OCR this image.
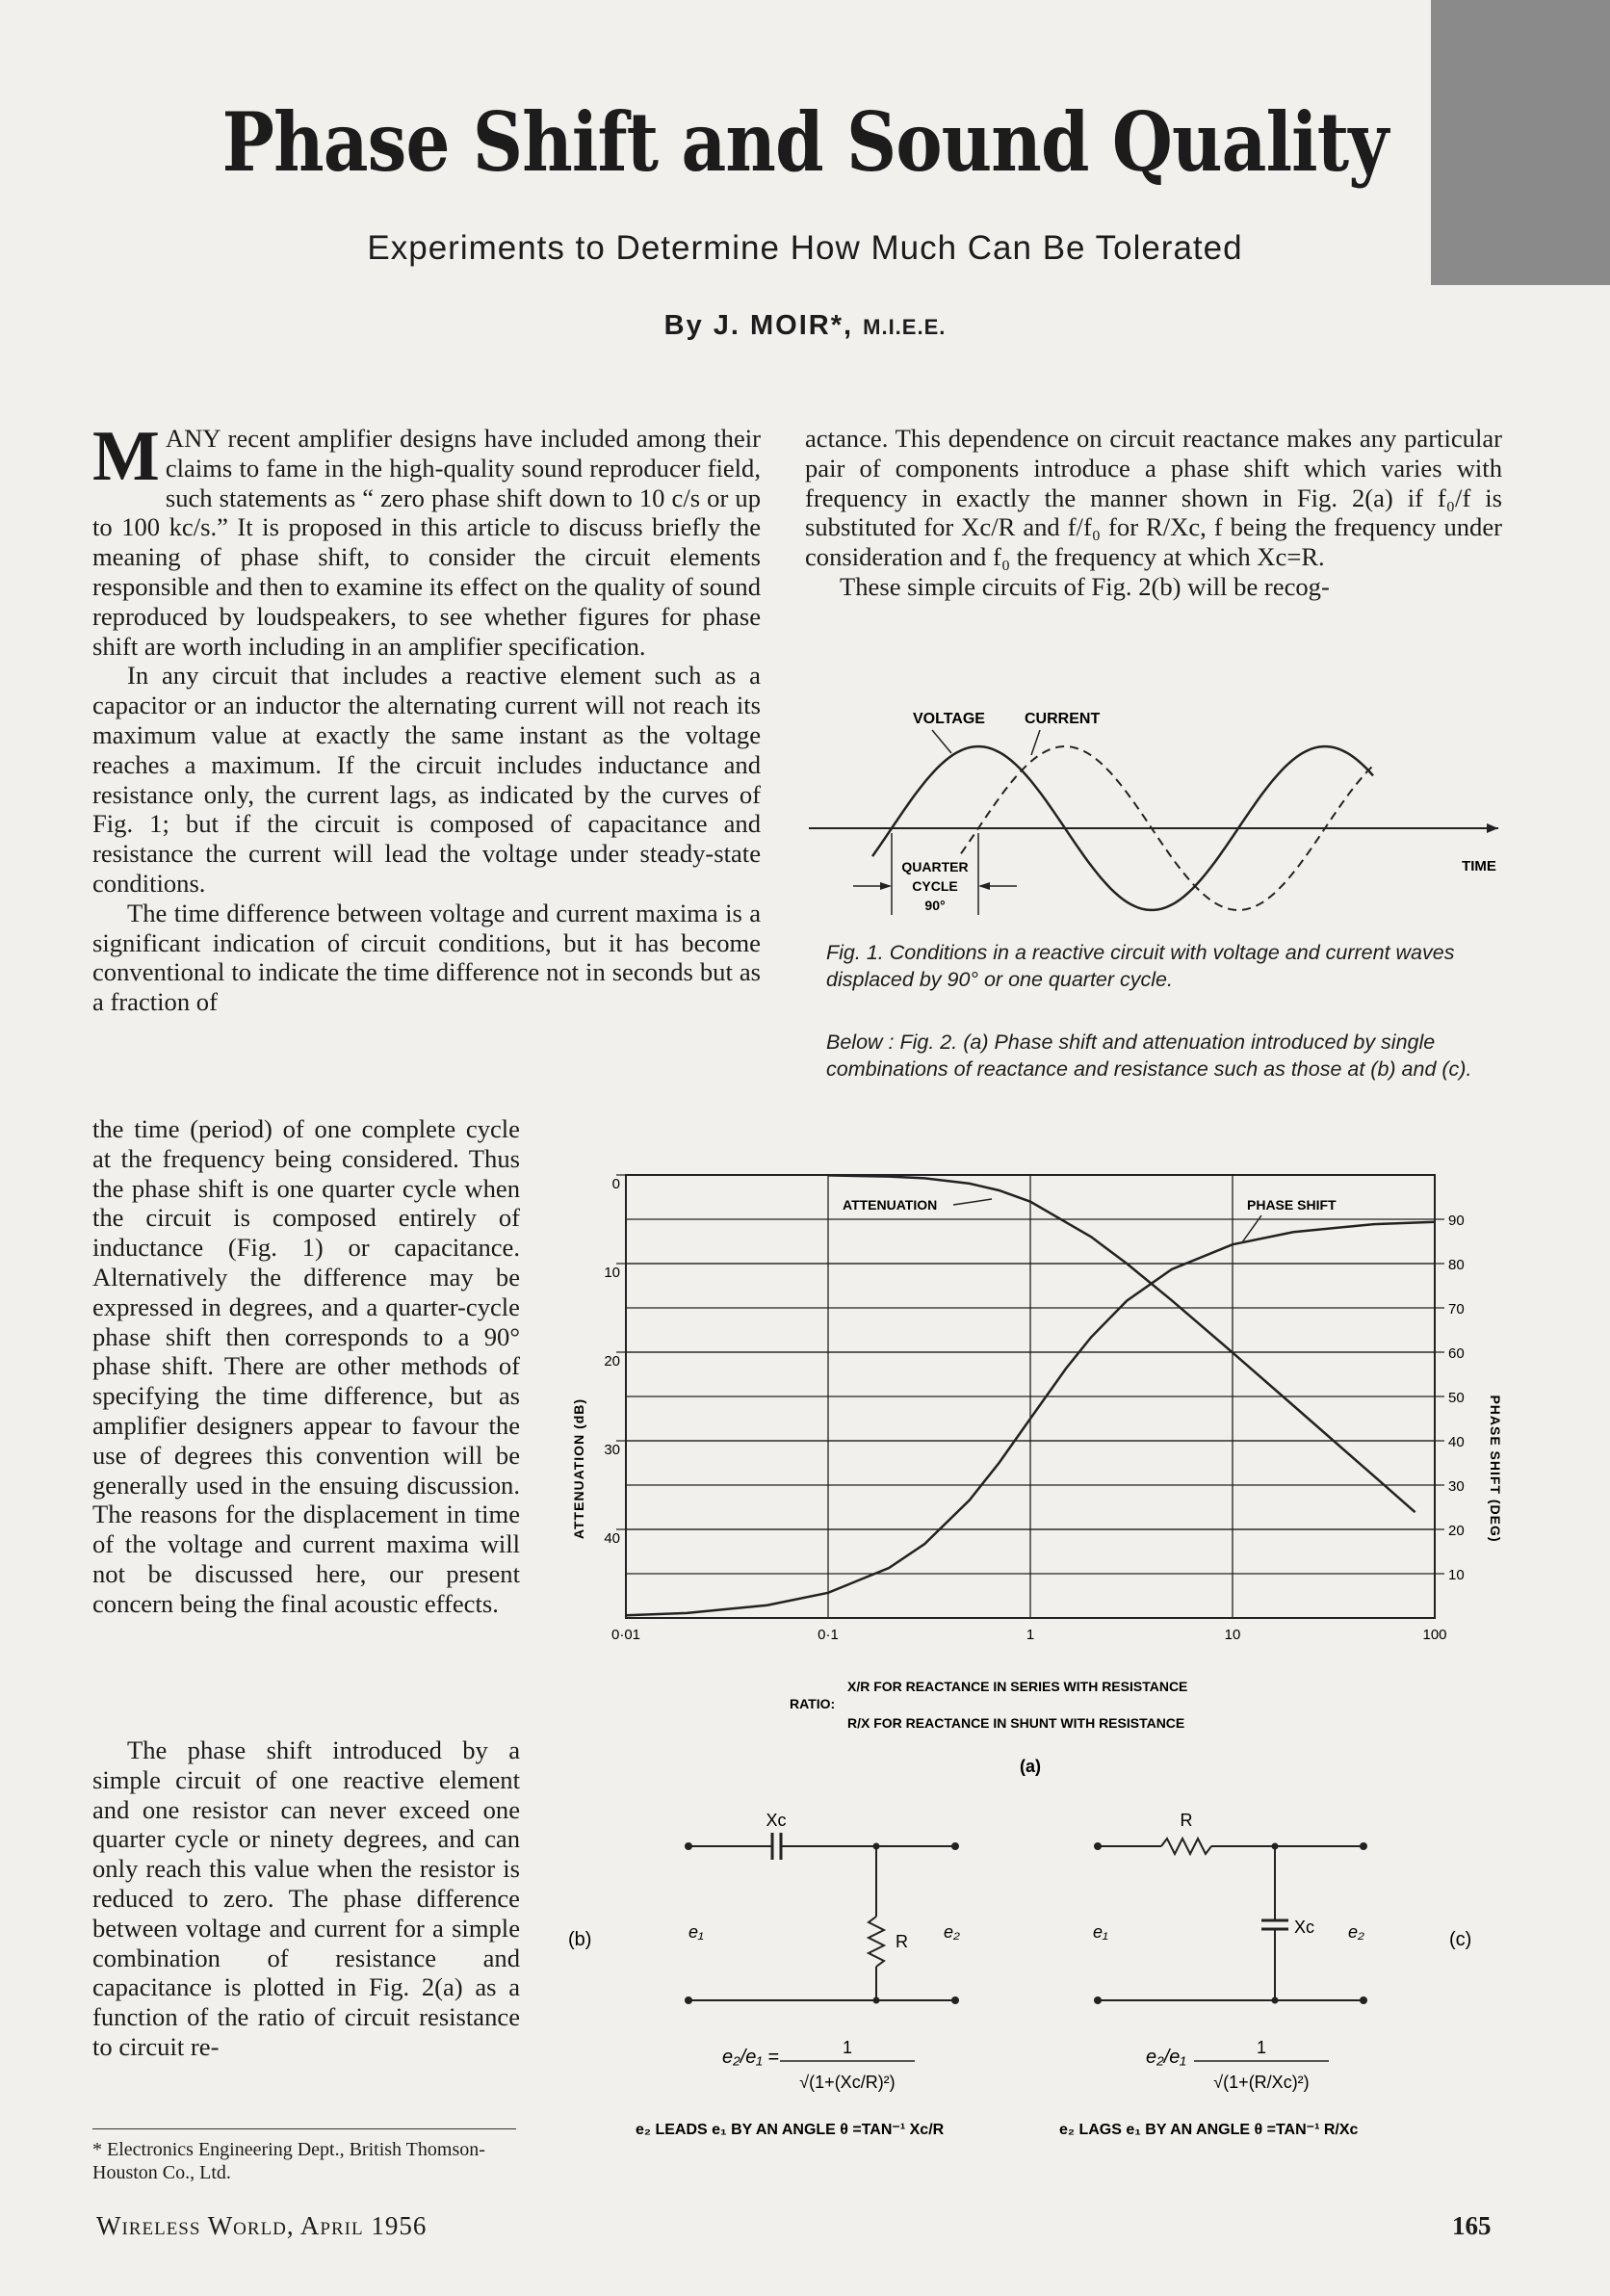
Phase Shift and Sound Quality
Experiments to Determine How Much Can Be Tolerated
By J. MOIR*, M.I.E.E.

MANY recent amplifier designs have included among their claims to fame in the high-quality sound reproducer field, such statements as “ zero phase shift down to 10 c/s or up to 100 kc/s.” It is proposed in this article to discuss briefly the meaning of phase shift, to consider the circuit elements responsible and then to examine its effect on the quality of sound reproduced by loudspeakers, to see whether figures for phase shift are worth including in an amplifier specification.

In any circuit that includes a reactive element such as a capacitor or an inductor the alternating current will not reach its maximum value at exactly the same instant as the voltage reaches a maximum. If the circuit includes inductance and resistance only, the current lags, as indicated by the curves of Fig. 1; but if the circuit is composed of capacitance and resistance the current will lead the voltage under steady-state conditions.

The time difference between voltage and current maxima is a significant indication of circuit conditions, but it has become conventional to indicate the time difference not in seconds but as a fraction of

the time (period) of one complete cycle at the frequency being considered. Thus the phase shift is one quarter cycle when the circuit is composed entirely of inductance (Fig. 1) or capacitance. Alternatively the difference may be expressed in degrees, and a quarter-cycle phase shift then corresponds to a 90° phase shift. There are other methods of specifying the time difference, but as amplifier designers appear to favour the use of degrees this convention will be generally used in the ensuing discussion. The reasons for the displacement in time of the voltage and current maxima will not be discussed here, our present concern being the final acoustic effects.

The phase shift introduced by a simple circuit of one reactive element and one resistor can never exceed one quarter cycle or ninety degrees, and can only reach this value when the resistor is reduced to zero. The phase difference between voltage and current for a simple combination of resistance and capacitance is plotted in Fig. 2(a) as a function of the ratio of circuit resistance to circuit re-

* Electronics Engineering Dept., British Thomson-Houston Co., Ltd.

actance. This dependence on circuit reactance makes any particular pair of components introduce a phase shift which varies with frequency in exactly the manner shown in Fig. 2(a) if f₀/f is substituted for Xc/R and f/f₀ for R/Xc, f being the frequency under consideration and f₀ the frequency at which Xc=R.

These simple circuits of Fig. 2(b) will be recog-

VOLTAGE	CURRENT
QUARTER
CYCLE
90°
TIME
Fig. 1. Conditions in a reactive circuit with voltage and current waves displaced by 90° or one quarter cycle.
Below : Fig. 2. (a) Phase shift and attenuation introduced by single combinations of reactance and resistance such as those at (b) and (c).
0·01	0·1	1	10	100
0
10
20
30
40
10
20
30
40
50
60
70
80
90
ATTENUATION	PHASE SHIFT
ATTENUATION (dB)	PHASE SHIFT (DEG)
RATIO:
X/R FOR REACTANCE IN SERIES WITH RESISTANCE
R/X FOR REACTANCE IN SHUNT WITH RESISTANCE
(a)
Xc
R
e₁	e₂
(b)
e₂/e₁ =	1
√(1+(Xc/R)²)
e₂ LEADS e₁ BY AN ANGLE θ =TAN⁻¹ Xc/R
R
Xc
e₁	e₂	(c)
e₂/e₁	1
√(1+(R/Xc)²)
e₂ LAGS e₁ BY AN ANGLE θ =TAN⁻¹ R/Xc
Wireless World, April 1956	165
